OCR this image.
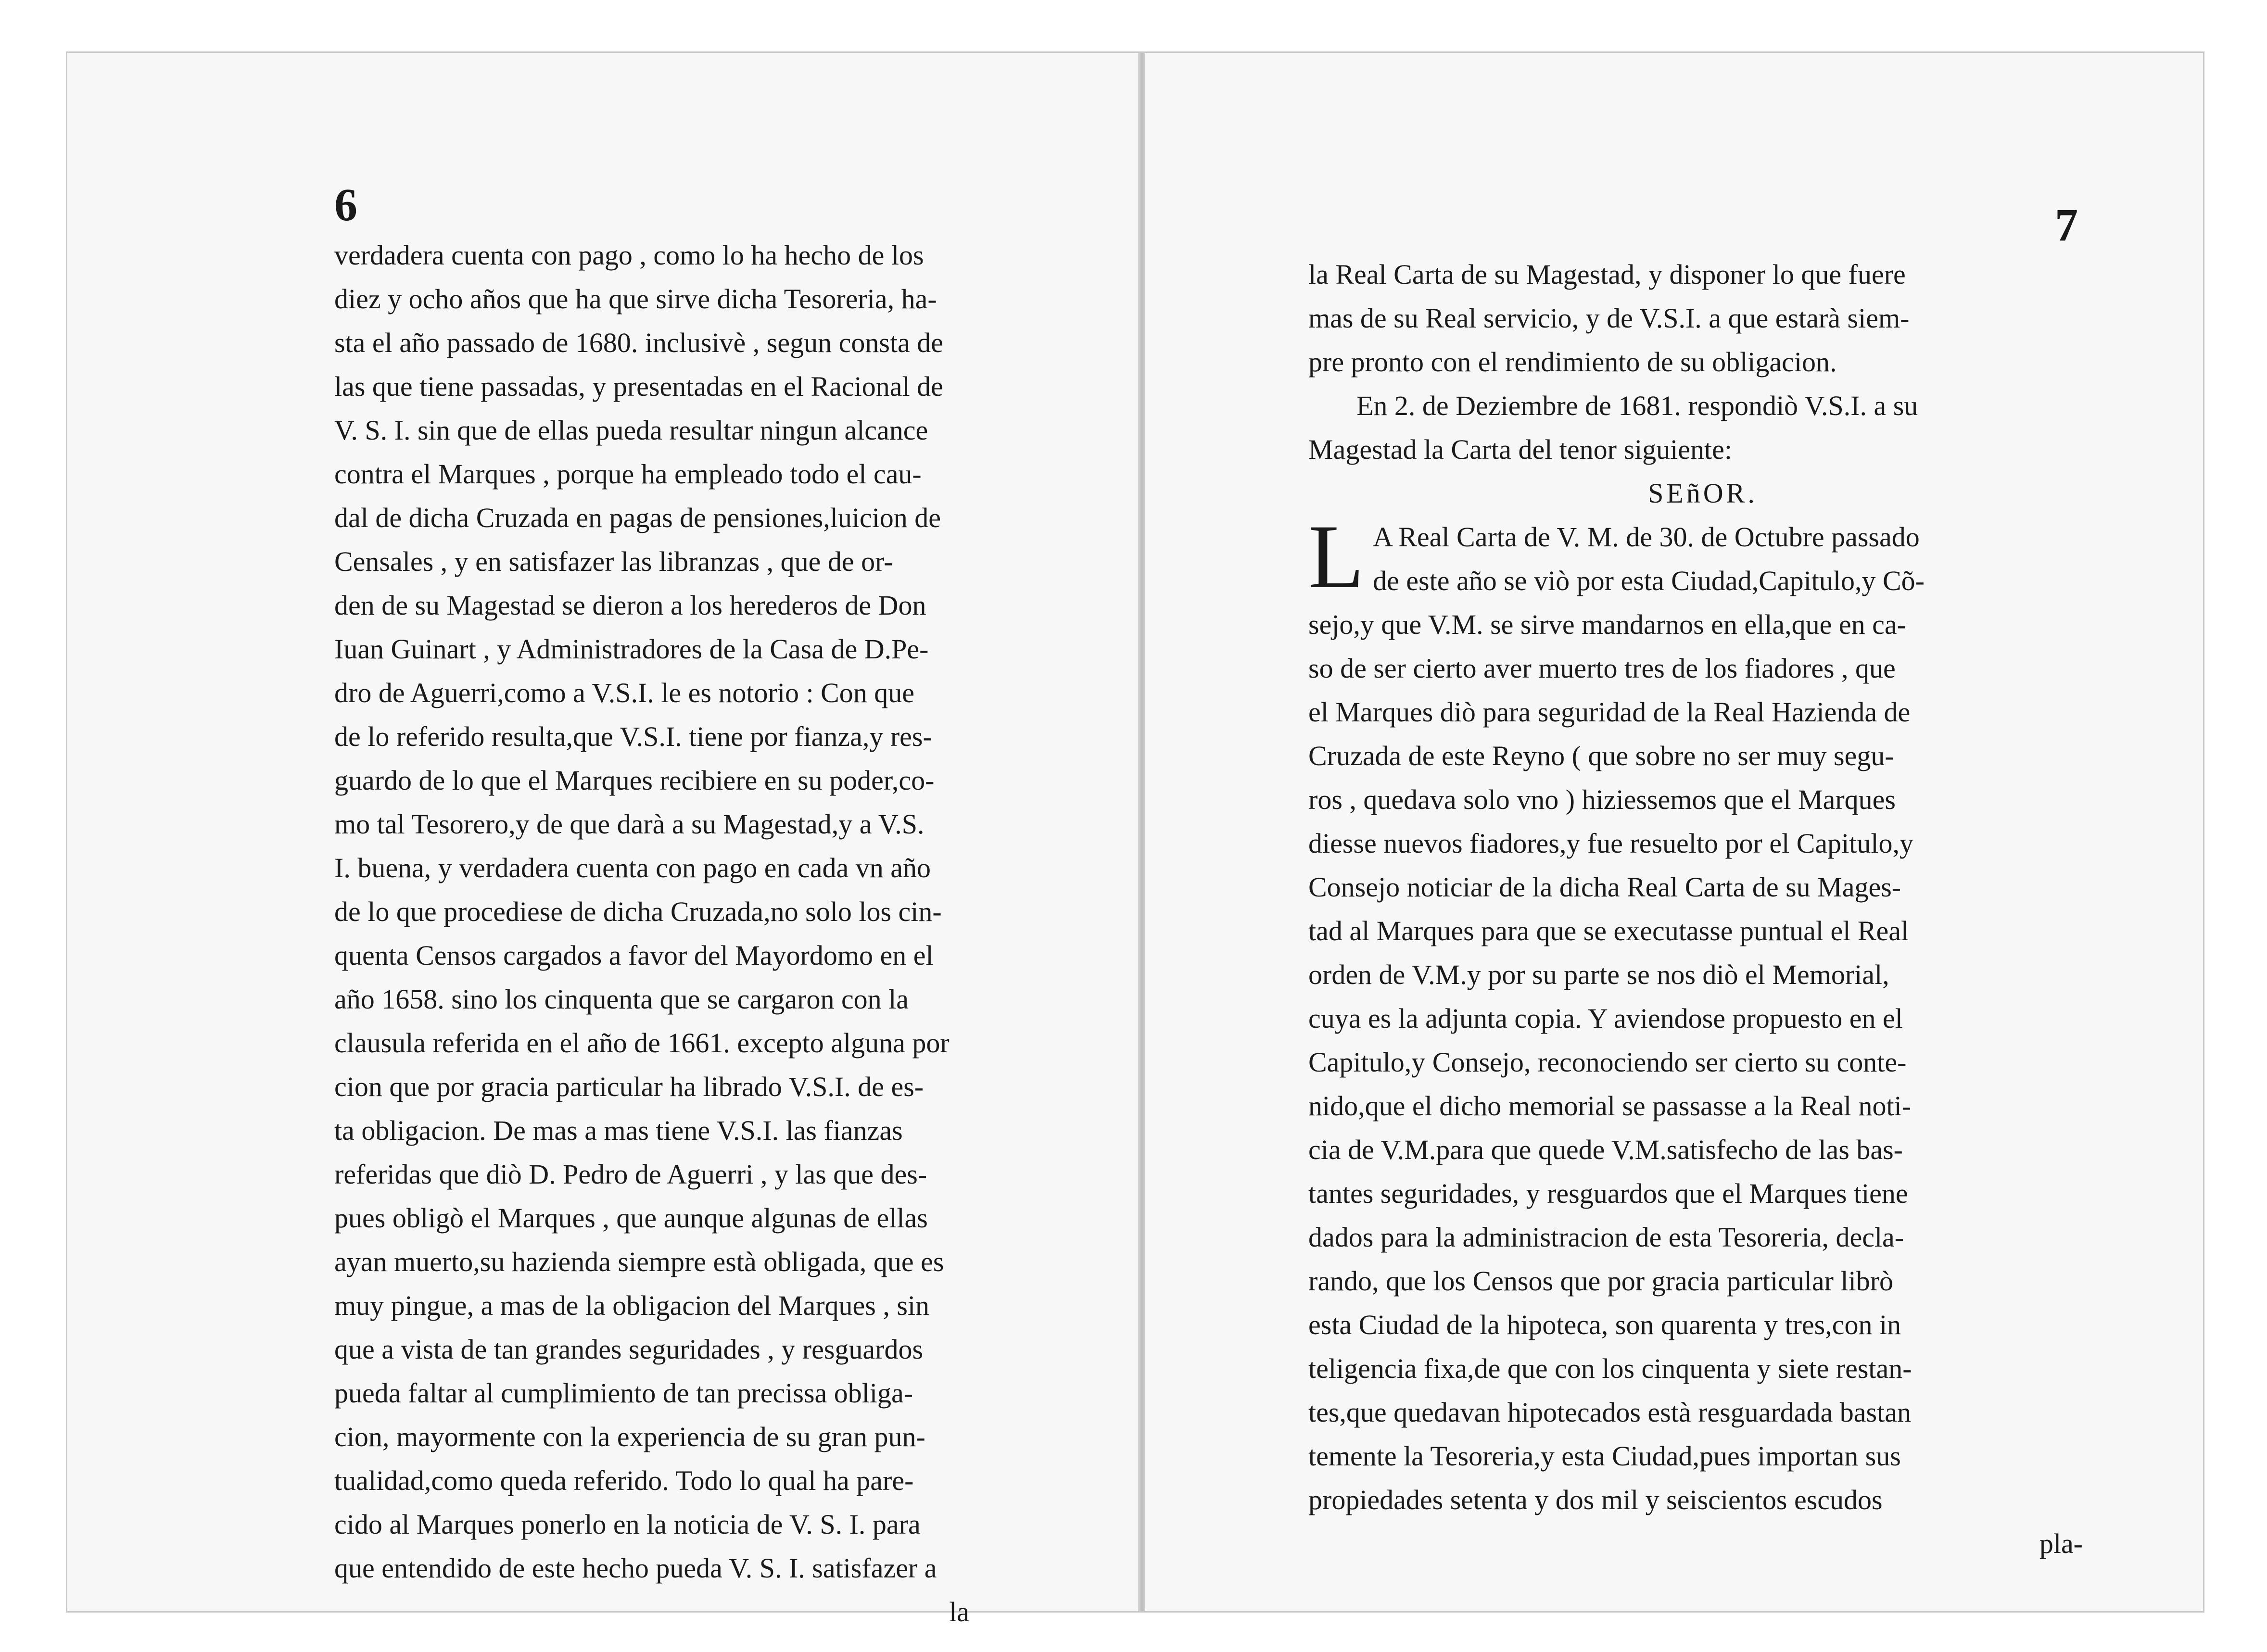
6
verdadera cuenta con pago , como lo ha hecho de los
diez y ocho años que ha que sirve dicha Tesoreria, ha-
sta el año passado de 1680. inclusivè , segun consta de
las que tiene passadas, y presentadas en el Racional de
V. S. I. sin que de ellas pueda resultar ningun alcance
contra el Marques , porque ha empleado todo el cau-
dal de dicha Cruzada en pagas de pensiones,luicion de
Censales , y en satisfazer las libranzas , que de or-
den de su Magestad se dieron a los herederos de Don
Iuan Guinart , y Administradores de la Casa de D.Pe-
dro de Aguerri,como a V.S.I. le es notorio : Con que
de lo referido resulta,que V.S.I. tiene por fianza,y res-
guardo de lo que el Marques recibiere en su poder,co-
mo tal Tesorero,y de que darà a su Magestad,y a V.S.
I. buena, y verdadera cuenta con pago en cada vn año
de lo que procediese de dicha Cruzada,no solo los cin-
quenta Censos cargados a favor del Mayordomo en el
año 1658. sino los cinquenta que se cargaron con la
clausula referida en el año de 1661. excepto alguna por
cion que por gracia particular ha librado V.S.I. de es-
ta obligacion. De mas a mas tiene V.S.I. las fianzas
referidas que diò D. Pedro de Aguerri , y las que des-
pues obligò el Marques , que aunque algunas de ellas
ayan muerto,su hazienda siempre està obligada, que es
muy pingue, a mas de la obligacion del Marques , sin
que a vista de tan grandes seguridades , y resguardos
pueda faltar al cumplimiento de tan precissa obliga-
cion, mayormente con la experiencia de su gran pun-
tualidad,como queda referido. Todo lo qual ha pare-
cido al Marques ponerlo en la noticia de V. S. I. para
que entendido de este hecho pueda V. S. I. satisfazer a
la
7
la Real Carta de su Magestad, y disponer lo que fuere
mas de su Real servicio, y de V.S.I. a que estarà siem-
pre pronto con el rendimiento de su obligacion.
En 2. de Deziembre de 1681. respondiò V.S.I. a su
Magestad la Carta del tenor siguiente:
SEñOR.
L A Real Carta de V. M. de 30. de Octubre passado
de este año se viò por esta Ciudad,Capitulo,y Cõ-
sejo,y que V.M. se sirve mandarnos en ella,que en ca-
so de ser cierto aver muerto tres de los fiadores , que
el Marques diò para seguridad de la Real Hazienda de
Cruzada de este Reyno ( que sobre no ser muy segu-
ros , quedava solo vno ) hiziessemos que el Marques
diesse nuevos fiadores,y fue resuelto por el Capitulo,y
Consejo noticiar de la dicha Real Carta de su Mages-
tad al Marques para que se executasse puntual el Real
orden de V.M.y por su parte se nos diò el Memorial,
cuya es la adjunta copia. Y aviendose propuesto en el
Capitulo,y Consejo, reconociendo ser cierto su conte-
nido,que el dicho memorial se passasse a la Real noti-
cia de V.M.para que quede V.M.satisfecho de las bas-
tantes seguridades, y resguardos que el Marques tiene
dados para la administracion de esta Tesoreria, decla-
rando, que los Censos que por gracia particular librò
esta Ciudad de la hipoteca, son quarenta y tres,con in
teligencia fixa,de que con los cinquenta y siete restan-
tes,que quedavan hipotecados està resguardada bastan
temente la Tesoreria,y esta Ciudad,pues importan sus
propiedades setenta y dos mil y seiscientos escudos
pla-
